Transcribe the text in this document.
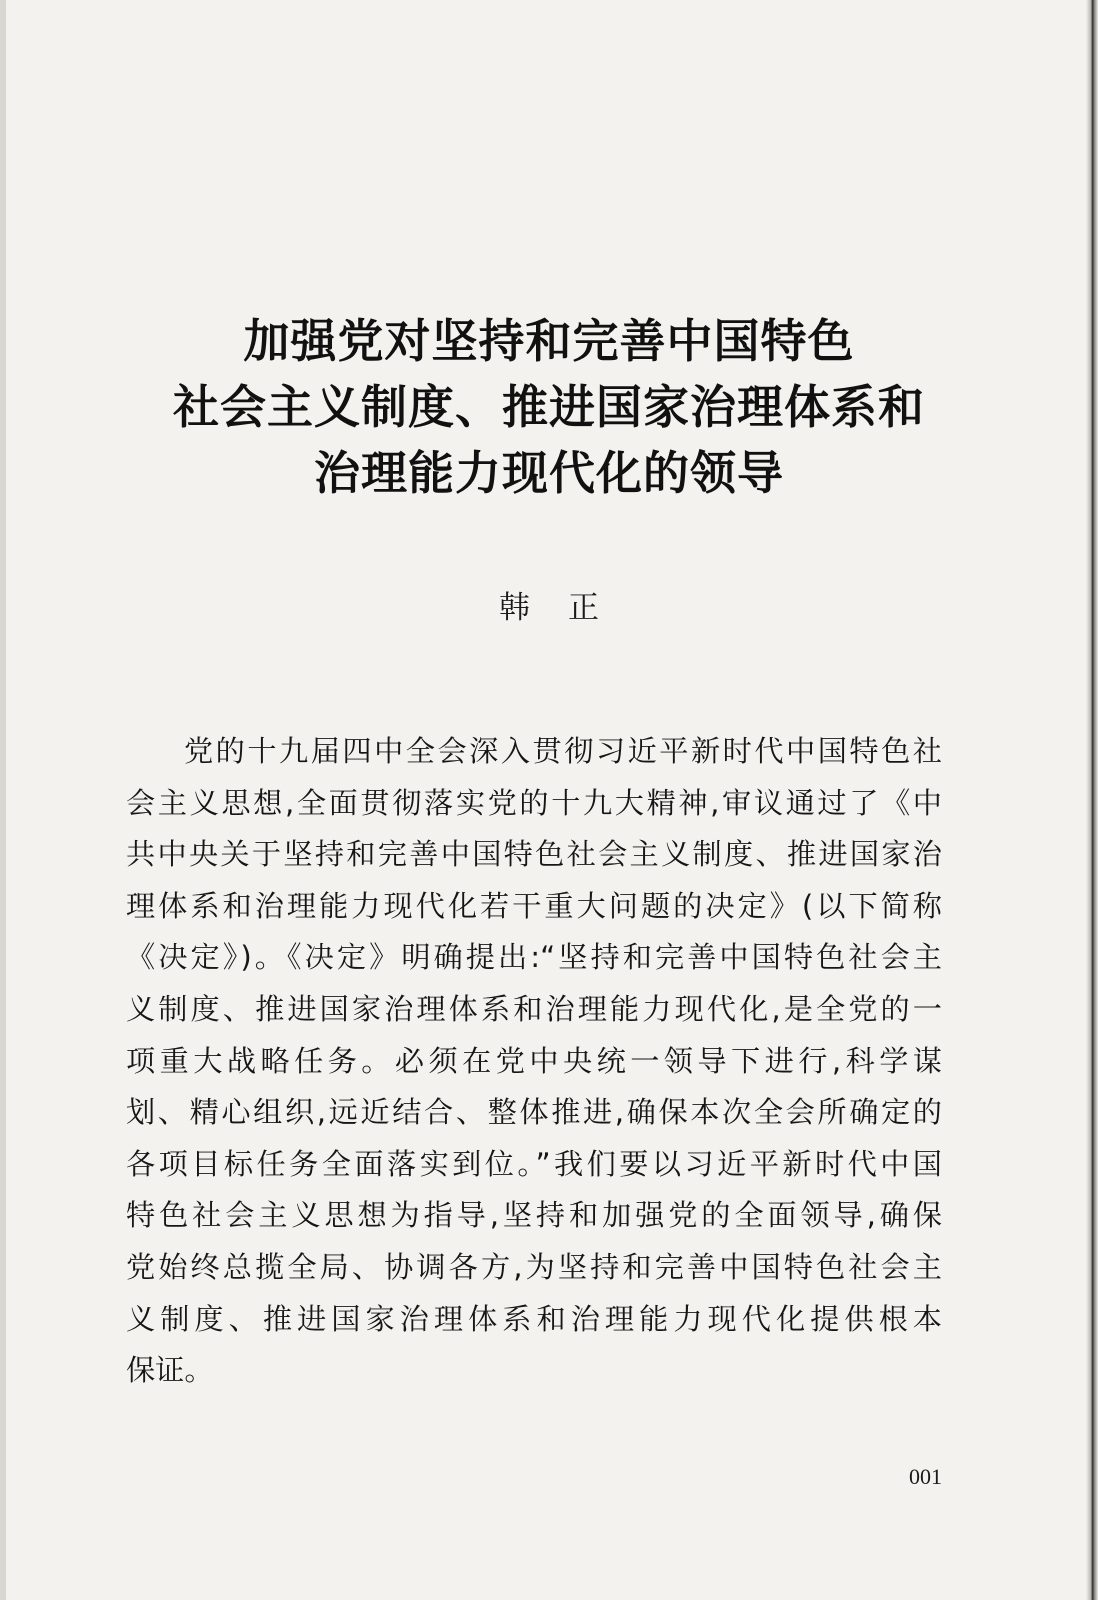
加强党对坚持和完善中国特色
社会主义制度、推进国家治理体系和
治理能力现代化的领导
韩正
党的十九届四中全会深入贯彻习近平新时代中国特色社
会主义思想,全面贯彻落实党的十九大精神,审议通过了《中
共中央关于坚持和完善中国特色社会主义制度、推进国家治
理体系和治理能力现代化若干重大问题的决定》(以下简称
《决定》)。《决定》明确提出:“坚持和完善中国特色社会主
义制度、推进国家治理体系和治理能力现代化,是全党的一
项重大战略任务。必须在党中央统一领导下进行,科学谋
划、精心组织,远近结合、整体推进,确保本次全会所确定的
各项目标任务全面落实到位。”我们要以习近平新时代中国
特色社会主义思想为指导,坚持和加强党的全面领导,确保
党始终总揽全局、协调各方,为坚持和完善中国特色社会主
义制度、推进国家治理体系和治理能力现代化提供根本
保证。
001
